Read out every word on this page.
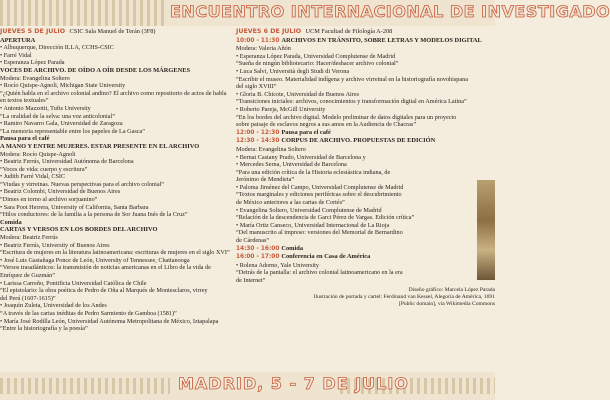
ENCUENTRO INTERNACIONAL DE INVESTIGADO
JUEVES 5 DE JULIO CSIC Sala Manuel de Terán (3F8)
APERTURA
• Albuquerque, Dirección ILLA, CCHS-CSIC
• Farré Vidal
• Esperanza López Parada
VOCES DE ARCHIVO. DE OÍDO A OÍR DESDE LOS MÁRGENES
Modera: Evangelina Soltero
• Rocío Quispe-Agnoli, Michigan State University
“¿Quién habla en el archivo colonial andino? El archivo como repositorio de actos de habla
en textos textuales”
• Antonio Mazzotti, Tufts University
“La oralidad de la selva: una voz anticolonial”
• Ramiro Navarro Gala, Universidad de Zaragoza
“La memoria representable entre los papeles de La Gasca”
Pausa para el café
A MANO Y ENTRE MUJERES. ESTAR PRESENTE EN EL ARCHIVO
Modera: Rocío Quispe-Agnoli
• Beatriz Ferrús, Universidad Autónoma de Barcelona
“Voces de vida: cuerpo y escritura”
• Judith Farré Vidal, CSIC
“Viudas y virreinas. Nuevas perspectivas para el archivo colonial”
• Beatriz Colombi, Universidad de Buenos Aires
“Dimes en torno al archivo sorjuanino”
• Sara Poot Herrera, University of California, Santa Barbara
“Hilos conductores: de la familia a la persona de Sor Juana Inés de la Cruz”
Comida
CARTAS Y VERSOS EN LOS BORDES DEL ARCHIVO
Modera: Beatriz Ferrús
• Beatriz Ferrús, University of Buenos Aires
“Escritura de mujeres en la literatura latinoamericana: escrituras de mujeres en el siglo XVI”
• José Luis Gastañaga Ponce de León, University of Tennessee, Chattanooga
“Versos trasatlánticos: la transmisión de noticias americanas en el Libro de la vida de
Enríquez de Guzmán”
• Larissa Carreño, Pontificia Universidad Católica de Chile
“El epistolario: la obra poética de Pedro de Oña al Marqués de Montesclaros, virrey
del Perú (1607-1615)”
• Joaquín Zuleta, Universidad de los Andes
“A través de las cartas inéditas de Pedro Sarmiento de Gamboa (1581)”
• María José Rodilla León, Universidad Autónoma Metropolitana de México, Iztapalapa
“Entre la historiografía y la poesía”
JUEVES 6 DE JULIO UCM Facultad de Filología A-208
10:00 - 11:30 ARCHIVOS EN TRÁNSITO, SOBRE LETRAS Y MODELOS DIGITAL
Modera: Valeria Añón
• Esperanza López Parada, Universidad Complutense de Madrid
“Sueña de ningún bibliotecario: Hacer/deshacer archivo colonial”
• Luca Salvi, Università degli Studi di Verona
“Escribir el museo. Materialidad indígena y archivo virreinal en la historiografía novohispana
del siglo XVIII”
• Gloria B. Chicote, Universidad de Buenos Aires
“Transiciones iniciales: archivos, conocimientos y transformación digital en América Latina”
• Roberto Pareja, McGill University
“En los bordes del archivo digital. Modelo preliminar de datos digitales para un proyecto
sobre paisaje de esclavos negros a sus amos en la Audiencia de Chacras”
12:00 - 12:30 Pausa para el café
12:30 - 14:30 CORPUS DE ARCHIVO. PROPUESTAS DE EDICIÓN
Modera: Evangelina Soltero
• Bernat Castany Prado, Universidad de Barcelona y
• Mercedes Serna, Universidad de Barcelona
“Para una edición crítica de la Historia eclesiástica indiana, de
Jerónimo de Mendieta”
• Paloma Jiménez del Campo, Universidad Complutense de Madrid
“Textos marginales y ediciones periféricas sobre el descubrimiento
de México anteriores a las cartas de Cortés”
• Evangelina Soltero, Universidad Complutense de Madrid
“Relación de la descendencia de Garci Pérez de Vargas. Edición crítica”
• María Ortiz Canseco, Universidad Internacional de La Rioja
“Del manuscrito al impreso: versiones del Memorial de Bernardino
de Cárdenas”
14:30 - 16:00 Comida
16:00 - 17:00 Conferencia en Casa de América
• Rolena Adorno, Yale University
“Detrás de la pantalla: el archivo colonial latinoamericano en la era
de Internet”
Diseño gráfico: Marcela López Parada
Ilustración de portada y cartel: Ferdinand van Kessel, Alegoría de América, 1691
[Public domain], vía Wikimedia Commons
MADRID, 5 - 7 DE JULIO
